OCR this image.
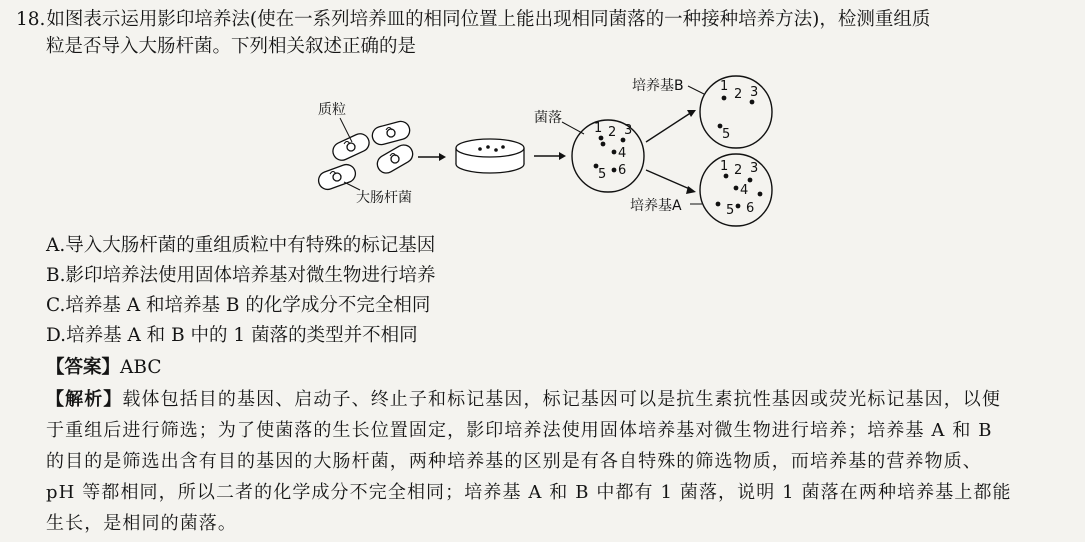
18.如图表示运用影印培养法(使在一系列培养皿的相同位置上能出现相同菌落的一种接种培养方法)，检测重组质
粒是否导入大肠杆菌。下列相关叙述正确的是

质粒
大肠杆菌
菌落
1 2 3
4
5 6
培养基B	1
2 3
5
培养基A
1 2 3
4
5 6
A.导入大肠杆菌的重组质粒中有特殊的标记基因
B.影印培养法使用固体培养基对微生物进行培养
C.培养基 A 和培养基 B 的化学成分不完全相同
D.培养基 A 和 B 中的 1 菌落的类型并不相同
【答案】ABC
【解析】载体包括目的基因、启动子、终止子和标记基因，标记基因可以是抗生素抗性基因或荧光标记基因，以便
于重组后进行筛选；为了使菌落的生长位置固定，影印培养法使用固体培养基对微生物进行培养；培养基 A 和 B
的目的是筛选出含有目的基因的大肠杆菌，两种培养基的区别是有各自特殊的筛选物质，而培养基的营养物质、
pH 等都相同，所以二者的化学成分不完全相同；培养基 A 和 B 中都有 1 菌落，说明 1 菌落在两种培养基上都能
生长，是相同的菌落。
